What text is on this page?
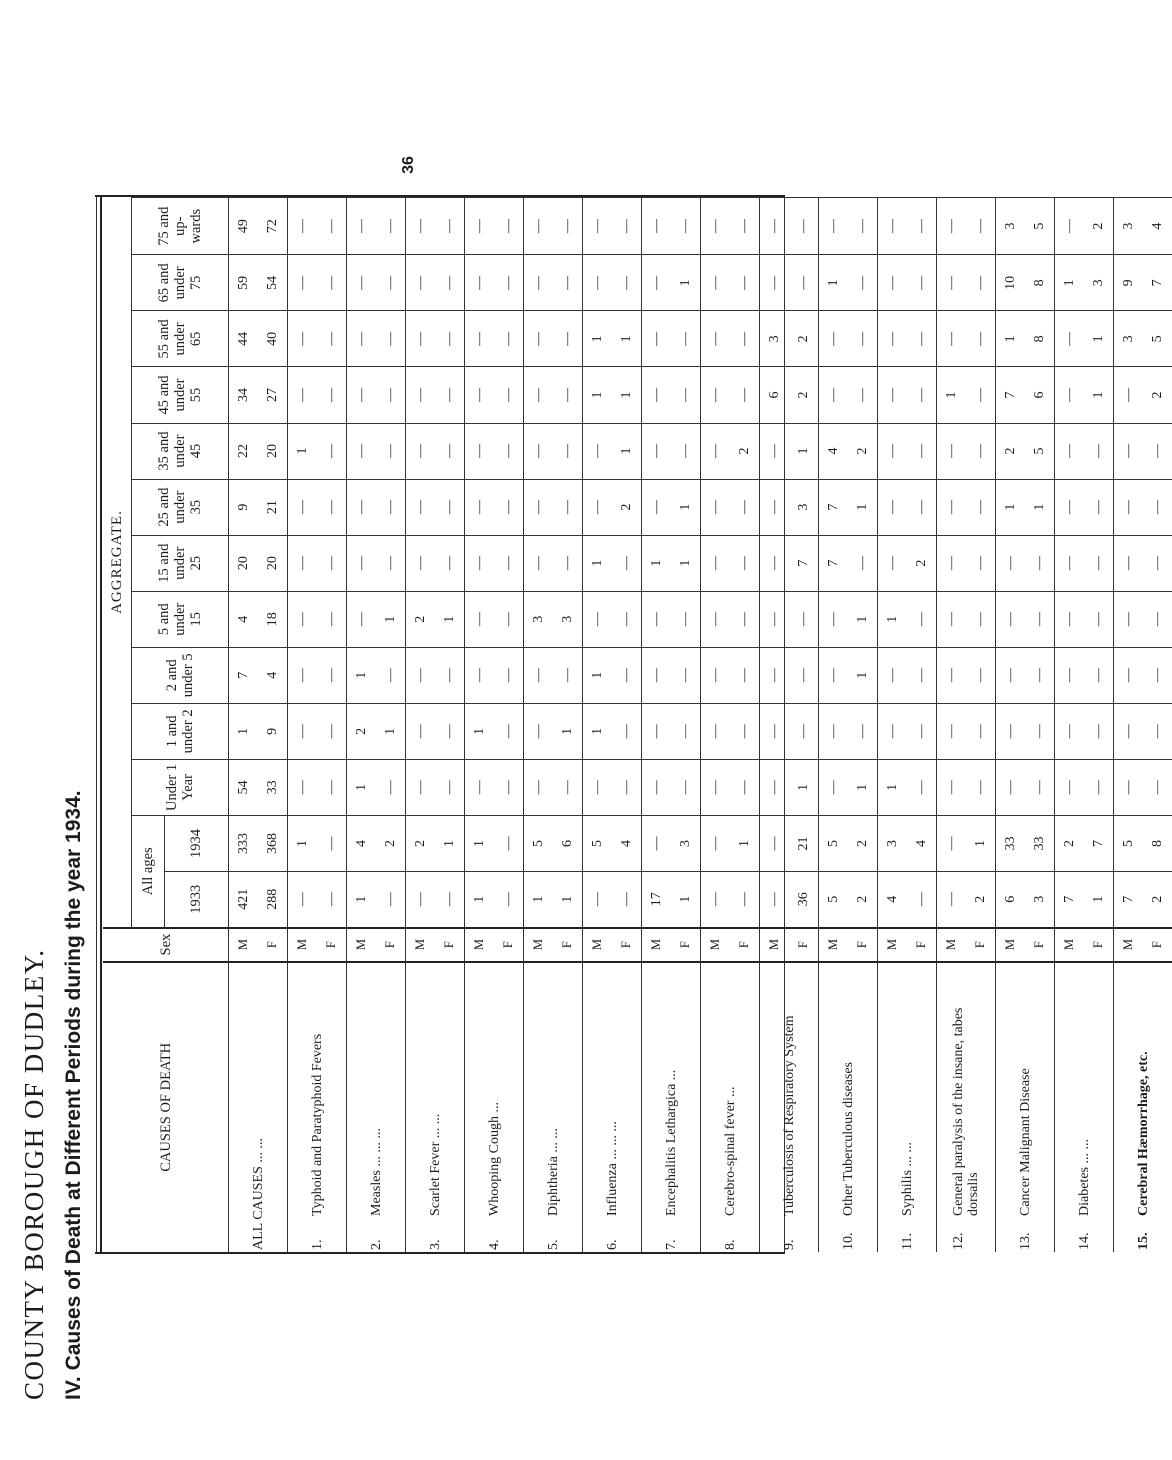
COUNTY BOROUGH OF DUDLEY. IV. Causes of Death at Different Periods during the year 1934.
36
CAUSES OF DEATH	Sex	AGGREGATE.												
		All ages		Under 1 Year	1 and under 2	2 and under 5	5 and under 15	15 and under 25	25 and under 35	35 and under 45	45 and under 55	55 and under 65	65 and under 75	75 and up-wards
		1933	1934											
ALL CAUSES ... ...	M	421	333	54	1	7	4	20	9	22	34	44	59	49
	F	288	368	33	9	4	18	20	21	20	27	40	54	72
1.Typhoid and Paratyphoid Fevers	M	—	1	—	—	—	—	—	—	1	—	—	—	—
	F	—	—	—	—	—	—	—	—	—	—	—	—	—
2.Measles ... ... ...	M	1	4	1	2	1	—	—	—	—	—	—	—	—
	F	—	2	—	1	—	1	—	—	—	—	—	—	—
3.Scarlet Fever ... ...	M	—	2	—	—	—	2	—	—	—	—	—	—	—
	F	—	1	—	—	—	1	—	—	—	—	—	—	—
4.Whooping Cough ...	M	1	1	—	1	—	—	—	—	—	—	—	—	—
	F	—	—	—	—	—	—	—	—	—	—	—	—	—
5.Diphtheria ... ...	M	1	5	—	—	—	3	—	—	—	—	—	—	—
	F	1	6	—	1	—	3	—	—	—	—	—	—	—
6.Influenza ... ... ...	M	—	5	—	1	1	—	1	—	—	1	1	—	—
	F	—	4	—	—	—	—	—	2	1	1	1	—	—
7.Encephalitis Lethargica ...	M	17	—	—	—	—	—	1	—	—	—	—	—	—
	F	1	3	—	—	—	—	1	1	—	—	—	1	—
8.Cerebro-spinal fever ...	M	—	—	—	—	—	—	—	—	—	—	—	—	—
	F	—	1	—	—	—	—	—	—	2	—	—	—	—
9.Tuberculosis of Respiratory System	M	—	—	—	—	—	—	—	—	—	6	3	—	—
	F	36	21	1	—	—	—	7	3	1	2	2	—	—
10.Other Tuberculous diseases	M	5	5	—	—	—	—	7	7	4	—	—	1	—
	F	2	2	1	—	1	1	—	1	2	—	—	—	—
11.Syphilis ... ...	M	4	3	1	—	—	1	—	—	—	—	—	—	—
	F	—	4	—	—	—	—	2	—	—	—	—	—	—
12.General paralysis of the insane, tabes dorsalis	M	—	—	—	—	—	—	—	—	—	1	—	—	—
	F	2	1	—	—	—	—	—	—	—	—	—	—	—
13.Cancer Malignant Disease	M	6	33	—	—	—	—	—	1	2	7	1	10	3
	F	3	33	—	—	—	—	—	1	5	6	8	8	5
14.Diabetes ... ...	M	7	2	—	—	—	—	—	—	—	—	—	1	—
	F	1	7	—	—	—	—	—	—	—	1	1	3	2
15.Cerebral Hæmorrhage, etc.	M	7	5	—	—	—	—	—	—	—	—	3	9	3
	F	2	8	—	—	—	—	—	—	—	2	5	7	4
